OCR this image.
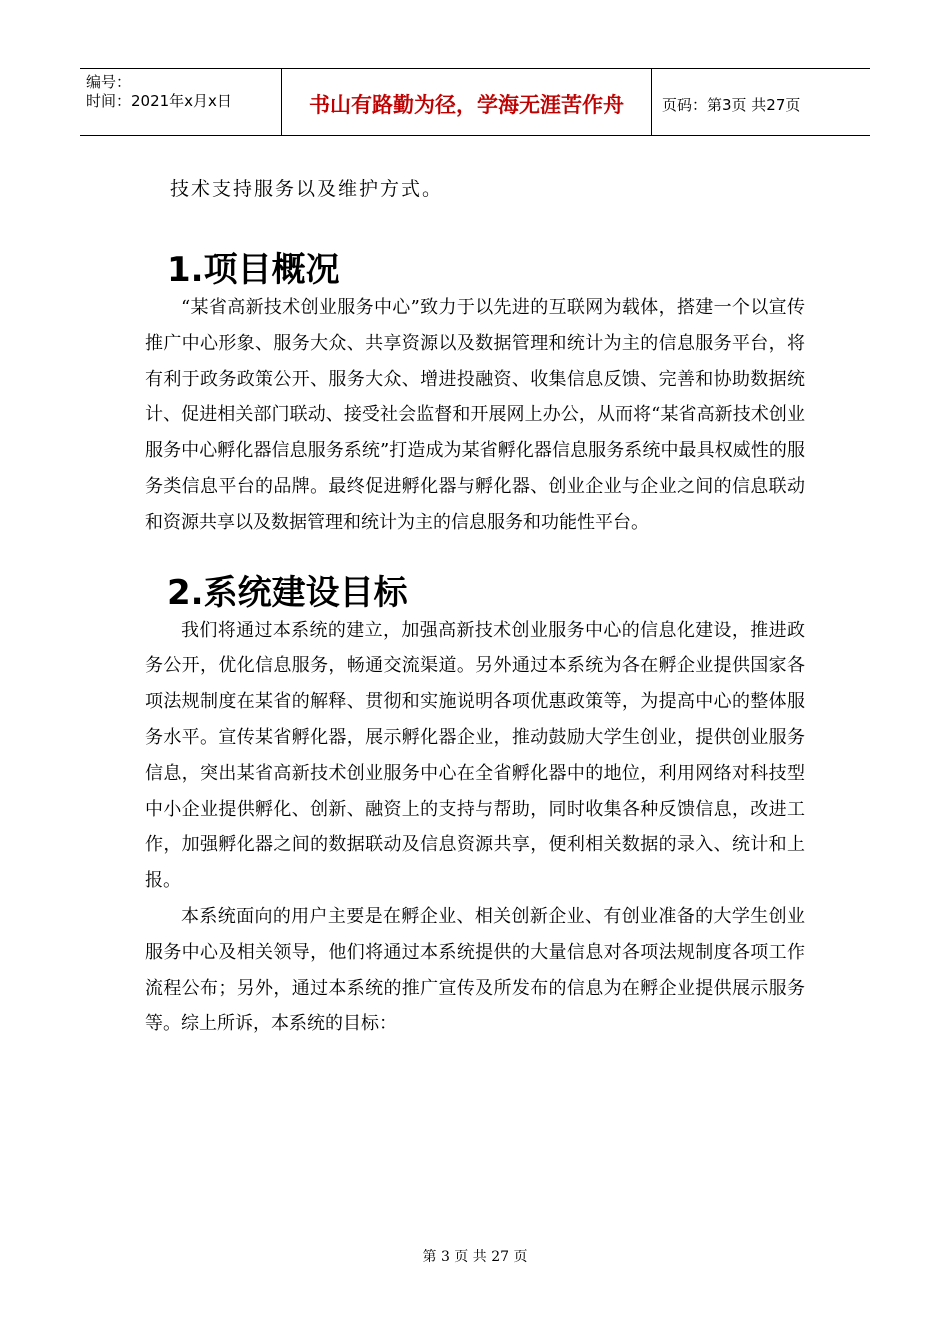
编号：
时间：2021年x月x日	书山有路勤为径，学海无涯苦作舟	页码：第3页 共27页
技术支持服务以及维护方式。
1.项目概况

“某省高新技术创业服务中心”致力于以先进的互联网为载体，搭建一个以宣传推广中心形象、服务大众、共享资源以及数据管理和统计为主的信息服务平台，将有利于政务政策公开、服务大众、增进投融资、收集信息反馈、完善和协助数据统计、促进相关部门联动、接受社会监督和开展网上办公，从而将“某省高新技术创业服务中心孵化器信息服务系统”打造成为某省孵化器信息服务系统中最具权威性的服务类信息平台的品牌。最终促进孵化器与孵化器、创业企业与企业之间的信息联动和资源共享以及数据管理和统计为主的信息服务和功能性平台。

2.系统建设目标

我们将通过本系统的建立，加强高新技术创业服务中心的信息化建设，推进政务公开，优化信息服务，畅通交流渠道。另外通过本系统为各在孵企业提供国家各项法规制度在某省的解释、贯彻和实施说明各项优惠政策等，为提高中心的整体服务水平。宣传某省孵化器，展示孵化器企业，推动鼓励大学生创业，提供创业服务信息，突出某省高新技术创业服务中心在全省孵化器中的地位，利用网络对科技型中小企业提供孵化、创新、融资上的支持与帮助，同时收集各种反馈信息，改进工作，加强孵化器之间的数据联动及信息资源共享，便利相关数据的录入、统计和上报。

本系统面向的用户主要是在孵企业、相关创新企业、有创业准备的大学生创业服务中心及相关领导，他们将通过本系统提供的大量信息对各项法规制度各项工作流程公布；另外，通过本系统的推广宣传及所发布的信息为在孵企业提供展示服务等。综上所诉，本系统的目标：

第 3 页 共 27 页
